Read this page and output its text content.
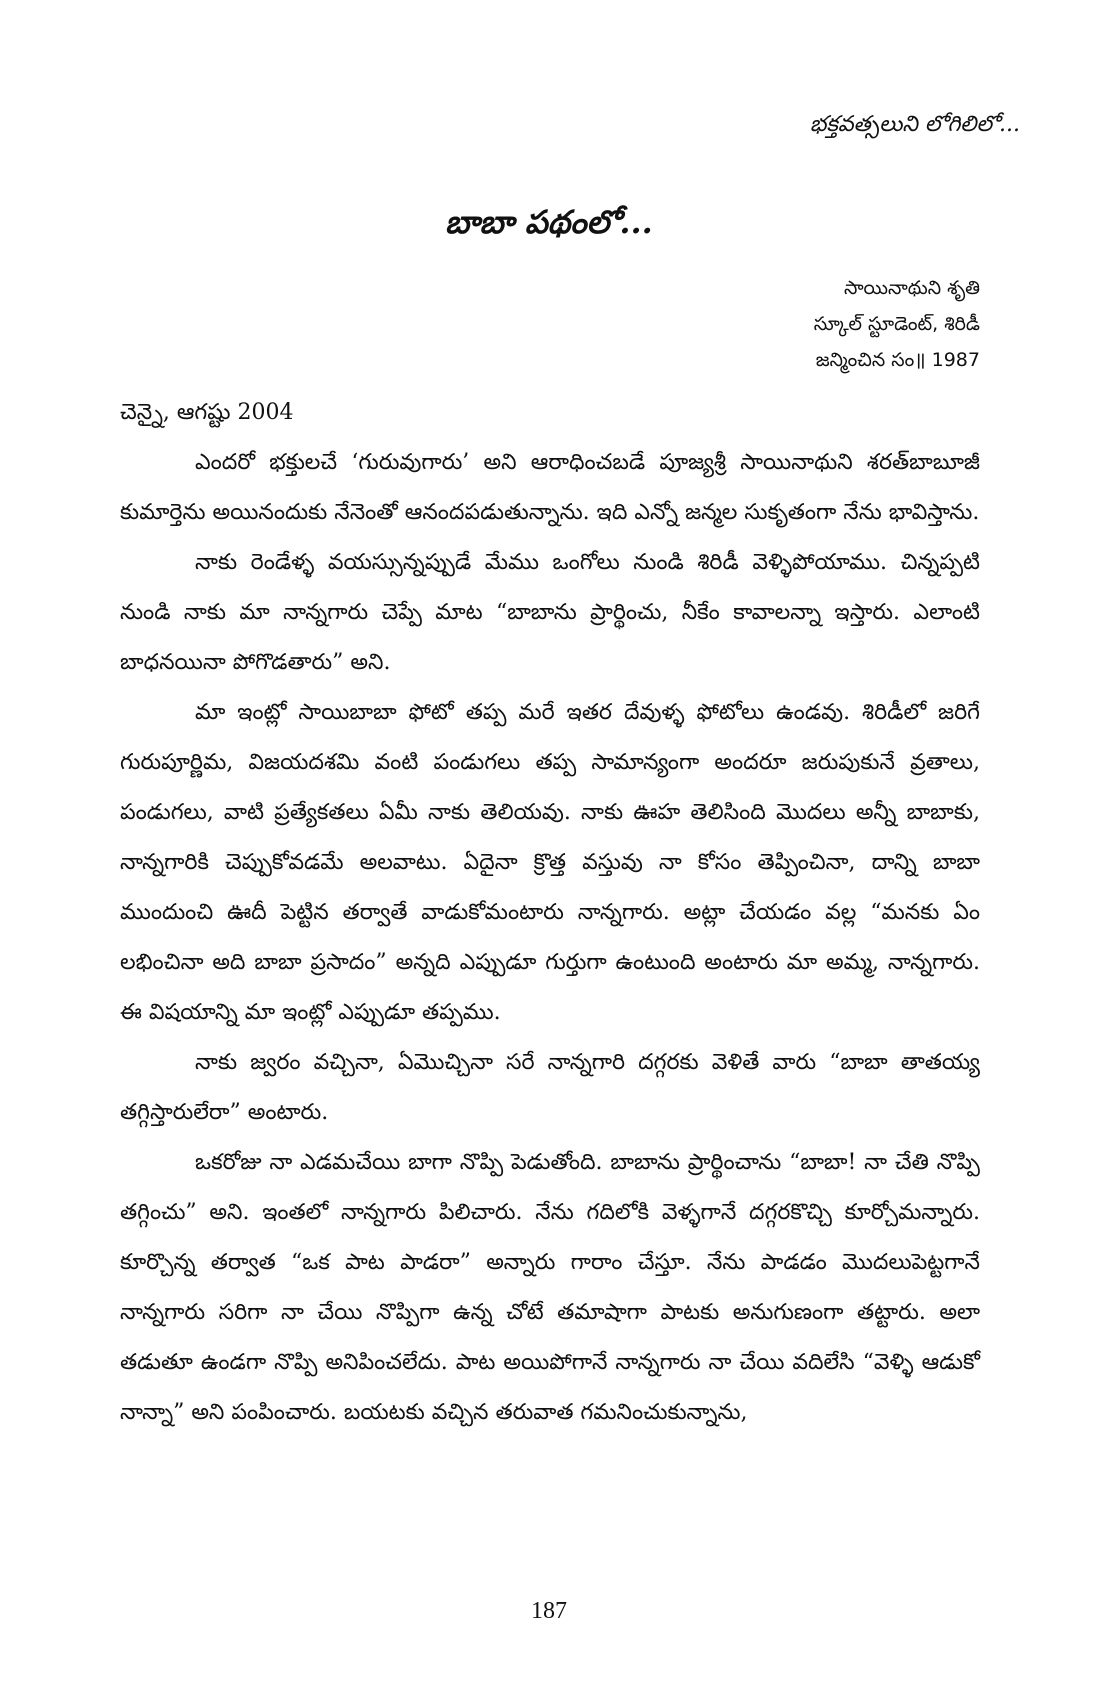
భక్తవత్సలుని లోగిలిలో...
బాబా పథంలో...
సాయినాథుని శృతి
స్కూల్ స్టూడెంట్, శిరిడీ
జన్మించిన సం॥ 1987
చెన్నై, ఆగష్టు 2004

ఎందరో భక్తులచే ‘గురువుగారు’ అని ఆరాధించబడే పూజ్యశ్రీ సాయినాథుని శరత్‌బాబూజీ కుమార్తెను అయినందుకు నేనెంతో ఆనందపడుతున్నాను. ఇది ఎన్నో జన్మల సుకృతంగా నేను భావిస్తాను.

నాకు రెండేళ్ళ వయస్సున్నప్పుడే మేము ఒంగోలు నుండి శిరిడీ వెళ్ళిపోయాము. చిన్నప్పటి నుండి నాకు మా నాన్నగారు చెప్పే మాట “బాబాను ప్రార్థించు, నీకేం కావాలన్నా ఇస్తారు. ఎలాంటి బాధనయినా పోగొడతారు” అని.

మా ఇంట్లో సాయిబాబా ఫోటో తప్ప మరే ఇతర దేవుళ్ళ ఫోటోలు ఉండవు. శిరిడీలో జరిగే గురుపూర్ణిమ, విజయదశమి వంటి పండుగలు తప్ప సామాన్యంగా అందరూ జరుపుకునే వ్రతాలు, పండుగలు, వాటి ప్రత్యేకతలు ఏమీ నాకు తెలియవు. నాకు ఊహ తెలిసింది మొదలు అన్నీ బాబాకు, నాన్నగారికి చెప్పుకోవడమే అలవాటు. ఏదైనా క్రొత్త వస్తువు నా కోసం తెప్పించినా, దాన్ని బాబా ముందుంచి ఊదీ పెట్టిన తర్వాతే వాడుకోమంటారు నాన్నగారు. అట్లా చేయడం వల్ల “మనకు ఏం లభించినా అది బాబా ప్రసాదం” అన్నది ఎప్పుడూ గుర్తుగా ఉంటుంది అంటారు మా అమ్మ, నాన్నగారు. ఈ విషయాన్ని మా ఇంట్లో ఎప్పుడూ తప్పము.

నాకు జ్వరం వచ్చినా, ఏమొచ్చినా సరే నాన్నగారి దగ్గరకు వెళితే వారు “బాబా తాతయ్య తగ్గిస్తారులేరా” అంటారు.

ఒకరోజు నా ఎడమచేయి బాగా నొప్పి పెడుతోంది. బాబాను ప్రార్థించాను “బాబా! నా చేతి నొప్పి తగ్గించు” అని. ఇంతలో నాన్నగారు పిలిచారు. నేను గదిలోకి వెళ్ళగానే దగ్గరకొచ్చి కూర్చోమన్నారు. కూర్చొన్న తర్వాత “ఒక పాట పాడరా” అన్నారు గారాం చేస్తూ. నేను పాడడం మొదలుపెట్టగానే నాన్నగారు సరిగా నా చేయి నొప్పిగా ఉన్న చోటే తమాషాగా పాటకు అనుగుణంగా తట్టారు. అలా తడుతూ ఉండగా నొప్పి అనిపించలేదు. పాట అయిపోగానే నాన్నగారు నా చేయి వదిలేసి “వెళ్ళి ఆడుకో నాన్నా” అని పంపించారు. బయటకు వచ్చిన తరువాత గమనించుకున్నాను,

187
